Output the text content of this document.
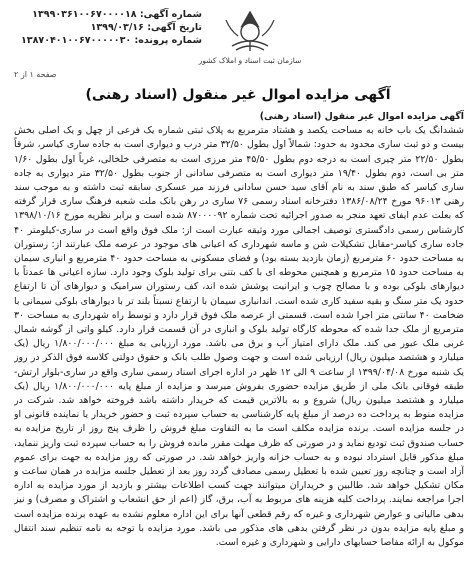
شماره آگهی: ۱۳۹۹۰۳۶۱۰۰۶۷۰۰۰۰۱۸
تاریخ آگهی: ۱۳۹۹/۰۳/۱۶
شماره پرونده: ۱۳۸۷۰۴۰۱۰۰۶۷۰۰۰۰۰۳۰
صفحه ۱ از ۲
سازمان ثبت اسناد و املاک کشور
آگهی مزایده اموال غیر منقول (اسناد رهنی)
آگهی مزایده اموال غیر منقول (اسناد رهنی)
ششدانگ یک باب خانه به مساحت یکصد و هشتاد مترمربع به پلاک ثبتی شماره یک فرعی از چهل و یک اصلی بخش بیست و دو ثبت ساری محدود به حدود: شمالاً اول بطول ۳۲/۵۰ متر درب و دیواری است به جاده ساری کیاسر، شرقاً بطول ۲۲/۵۰ متر چیری است به درجه دوم بطول ۴۵/۵۰ متر مرزی است به متصرفی خلخالی، غرباً اول بطول ۱/۶۰ متر بی است، دوم بطول ۱۹/۴۰ متر دیواری است به متصرفی سادانی از جنوب بطول ۳۲/۵۰ متر دیواری به جاده ساری کیاسر که طبق سند به نام آقای سید حسن سادانی فرزند میر عسکری سابقه ثبت داشته و به موجب سند رهنی ۹۶۰۱۳ مورخ ۱۳۸۶/۰۸/۲۴ دفترخانه اسناد رسمی ۷۶ ساری در رهن بانک ملت شعبه فرهنگ ساری قرار گرفته که بعلت عدم ایفای تعهد منجر به صدور اجرائیه تحت شماره ۸۷۰۰۰۰۹۲ شده است و برابر نظریه مورخ ۱۳۹۸/۱۰/۱۶ کارشناس رسمی دادگستری توصیف اجمالی مورد وثیقه عبارت است از: ملک فوق واقع است در ساری-کیلومتر ۴۰ جاده ساری کیاسر-مقابل تشکیلات شن و ماسه شهرداری که اعیانی های موجود در عرصه ملک عبارتند از: رستوران به مساحت حدود ۶۰ مترمربع (زمان بازدید بسته بود) و فضای مسکونی به مساحت حدود ۴۰ مترمربع و انباری سیمان به مساحت حدود ۱۵ مترمربع و همچنین محوطه ای با کف بتنی برای تولید بلوک وجود دارد. سازه اعیانی ها عمدتاً با دیوارهای بلوکی بوده و با مصالح چوب و ایرانیت پوشش شده اند، کف رستوران سرامیک و دیوارهای آن تا ارتفاع حدود یک متر سنگ و بقیه سفید کاری شده است. اندانباری سیمان با ارتفاع نسبتاً بلند تر با دیوارهای بلوکی سیمانی با ضخامت ۴۰ سانتی متر اجرا شده است. قسمتی از عرصه ملک فوق قرار دارد و توسط راه شهرداری به مساحت ۳۰ مترمربع از ملک جدا شده که محوطه کارگاه تولید بلوک و انباری در آن قسمت قرار دارد. کیلو واتی از گوشه شمال غربی ملک عبور می کند. ملک دارای امتیاز آب و برق می باشد. مورد ارزیابی به مبلغ ۱/۸۰۰/۰۰۰/۰۰۰ ریال (یک میلیارد و هشتصد میلیون ریال) ارزیابی شده است و جهت وصول طلب بانک و حقوق دولتی کلاسه فوق الذکر در روز یک شنبه مورخ ۱۳۹۹/۰۴/۰۸ از ساعت ۹ الی ۱۲ ظهر در اداره اجرای اسناد رسمی ساری واقع در ساری-بلوار ارتش-طبقه فوقانی بانک ملی از طریق مزایده حضوری بفروش میرسد و مزایده از مبلغ پایه ۱/۸۰۰/۰۰۰/۰۰۰ ریال (یک میلیارد و هشتصد میلیون ریال) شروع و به بالاترین قیمت که خریدار داشته باشد فروخته خواهد شد. شرکت در مزایده منوط به پرداخت ده درصد از مبلغ پایه کارشناسی به حساب سپرده ثبت و حضور خریدار یا نماینده قانونی او در جلسه مزایده است. برنده مزایده مکلف است ما به التفاوت مبلغ فروش را ظرف پنج روز از تاریخ مزایده به حساب صندوق ثبت تودیع نماید و در صورتی که ظرف مهلت مقرر مانده فروش را به حساب سپرده ثبت واریز ننماید، مبلغ مذکور قابل استرداد نبوده و به حساب خزانه واریز خواهد شد. در صورتی که روز مزایده به جهت برای عموم آزاد است و چنانچه روز تعیین شده با تعطیل رسمی مصادف گردد روز بعد از تعطیل جلسه مزایده در همان ساعت و مکان تشکیل خواهد شد. طالبین و خریداران میتوانند جهت کسب اطلاعات بیشتر و بازدید از مورد مزایده به اداره اجرا مراجعه نمایند. پرداخت کلیه هزینه های مربوط به آب، برق، گاز (اعم از حق انشعاب و اشتراک و مصرف) و نیز بدهی مالیاتی و عوارض شهرداری و غیره که رقم قطعی آنها برای این اداره معلوم نشده به عهده برنده مزایده است و مبلغ پایه مزایده بدون در نظر گرفتن بدهی های مذکور می باشد. مورد مزایده با توجه به نامه تنظیم سند انتقال موکول به ارائه مفاصا حسابهای دارایی و شهرداری و غیره است.
